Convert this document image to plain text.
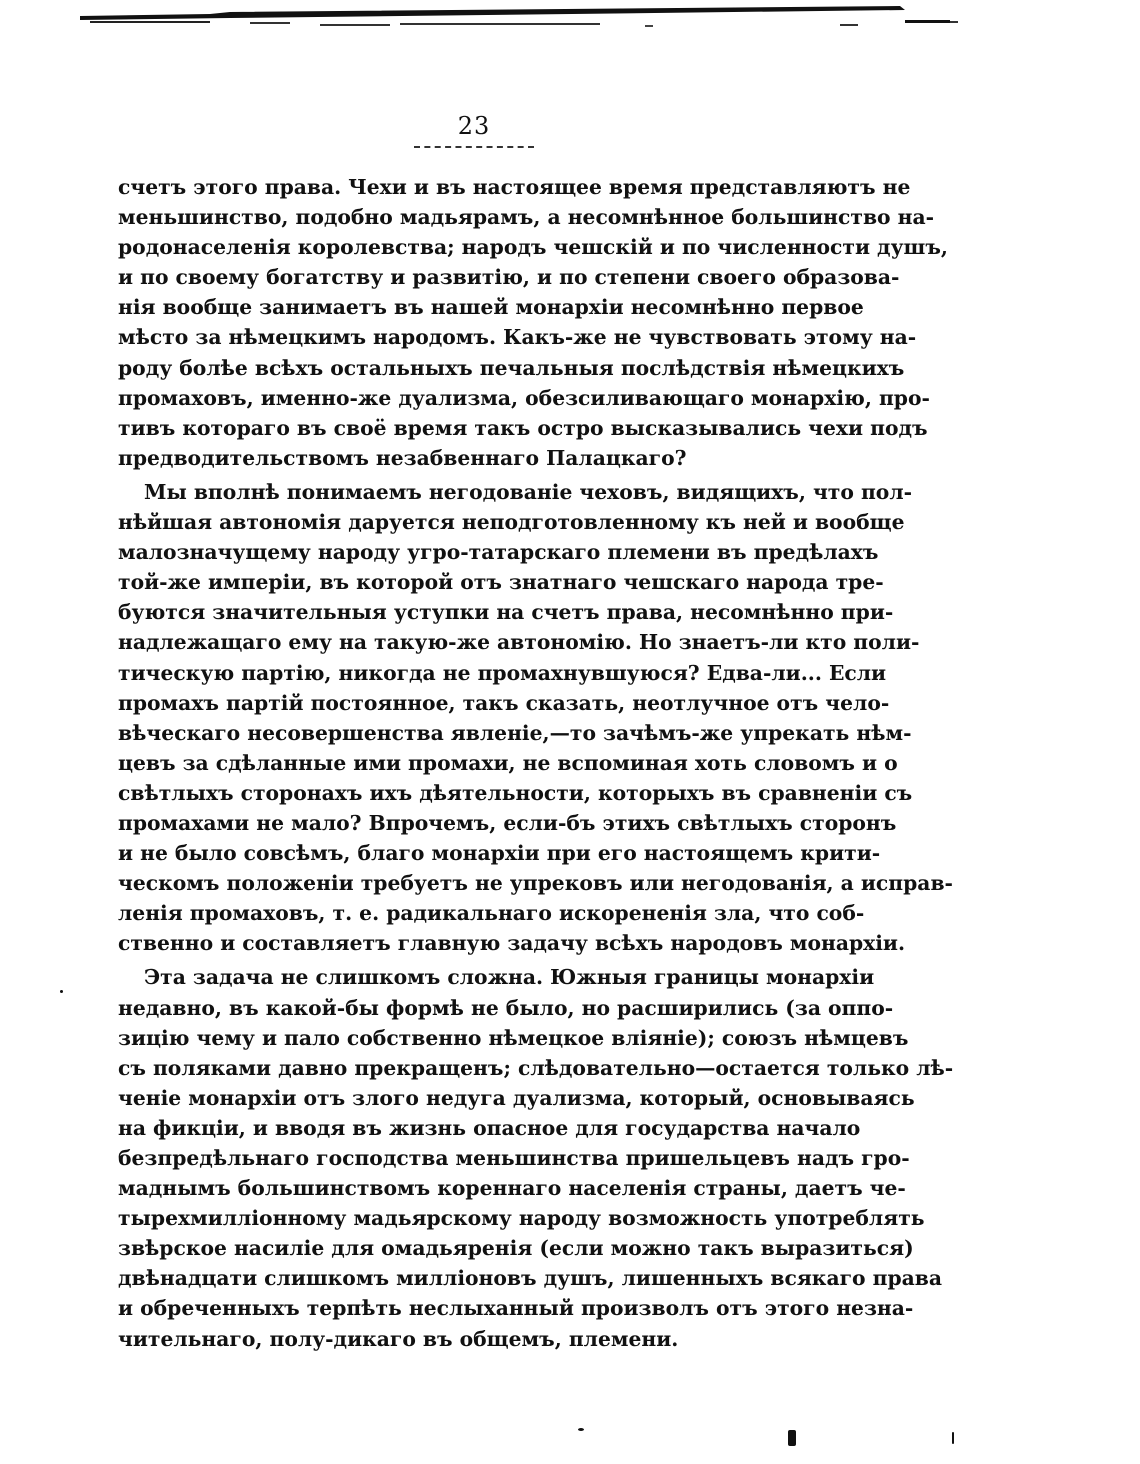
23
счетъ этого права. Чехи и въ настоящее время представляютъ не
меньшинство, подобно мадьярамъ, а несомнѣнное большинство на-
родонаселенія королевства; народъ чешскій и по численности душъ,
и по своему богатству и развитію, и по степени своего образова-
нія вообще занимаетъ въ нашей монархіи несомнѣнно первое
мѣсто за нѣмецкимъ народомъ. Какъ-же не чувствовать этому на-
роду болѣе всѣхъ остальныхъ печальныя послѣдствія нѣмецкихъ
промаховъ, именно-же дуализма, обезсиливающаго монархію, про-
тивъ котораго въ своё время такъ остро высказывались чехи подъ
предводительствомъ незабвеннаго Палацкаго?
Мы вполнѣ понимаемъ негодованіе чеховъ, видящихъ, что пол-
нѣйшая автономія даруется неподготовленному къ ней и вообще
малозначущему народу угро-татарскаго племени въ предѣлахъ
той-же имперіи, въ которой отъ знатнаго чешскаго народа тре-
буются значительныя уступки на счетъ права, несомнѣнно при-
надлежащаго ему на такую-же автономію. Но знаетъ-ли кто поли-
тическую партію, никогда не промахнувшуюся? Едва-ли... Если
промахъ партій постоянное, такъ сказать, неотлучное отъ чело-
вѣческаго несовершенства явленіе,—то зачѣмъ-же упрекать нѣм-
цевъ за сдѣланные ими промахи, не вспоминая хоть словомъ и о
свѣтлыхъ сторонахъ ихъ дѣятельности, которыхъ въ сравненіи съ
промахами не мало? Впрочемъ, если-бъ этихъ свѣтлыхъ сторонъ
и не было совсѣмъ, благо монархіи при его настоящемъ крити-
ческомъ положеніи требуетъ не упрековъ или негодованія, а исправ-
ленія промаховъ, т. е. радикальнаго искорененія зла, что соб-
ственно и составляетъ главную задачу всѣхъ народовъ монархіи.
Эта задача не слишкомъ сложна. Южныя границы монархіи
недавно, въ какой-бы формѣ не было, но расширились (за оппо-
зицію чему и пало собственно нѣмецкое вліяніе); союзъ нѣмцевъ
съ поляками давно прекращенъ; слѣдовательно—остается только лѣ-
ченіе монархіи отъ злого недуга дуализма, который, основываясь
на фикціи, и вводя въ жизнь опасное для государства начало
безпредѣльнаго господства меньшинства пришельцевъ надъ гро-
маднымъ большинствомъ кореннаго населенія страны, даетъ че-
тырехмилліонному мадьярскому народу возможность употреблять
звѣрское насиліе для омадьяренія (если можно такъ выразиться)
двѣнадцати слишкомъ милліоновъ душъ, лишенныхъ всякаго права
и обреченныхъ терпѣть неслыханный произволъ отъ этого незна-
чительнаго, полу-дикаго въ общемъ, племени.
